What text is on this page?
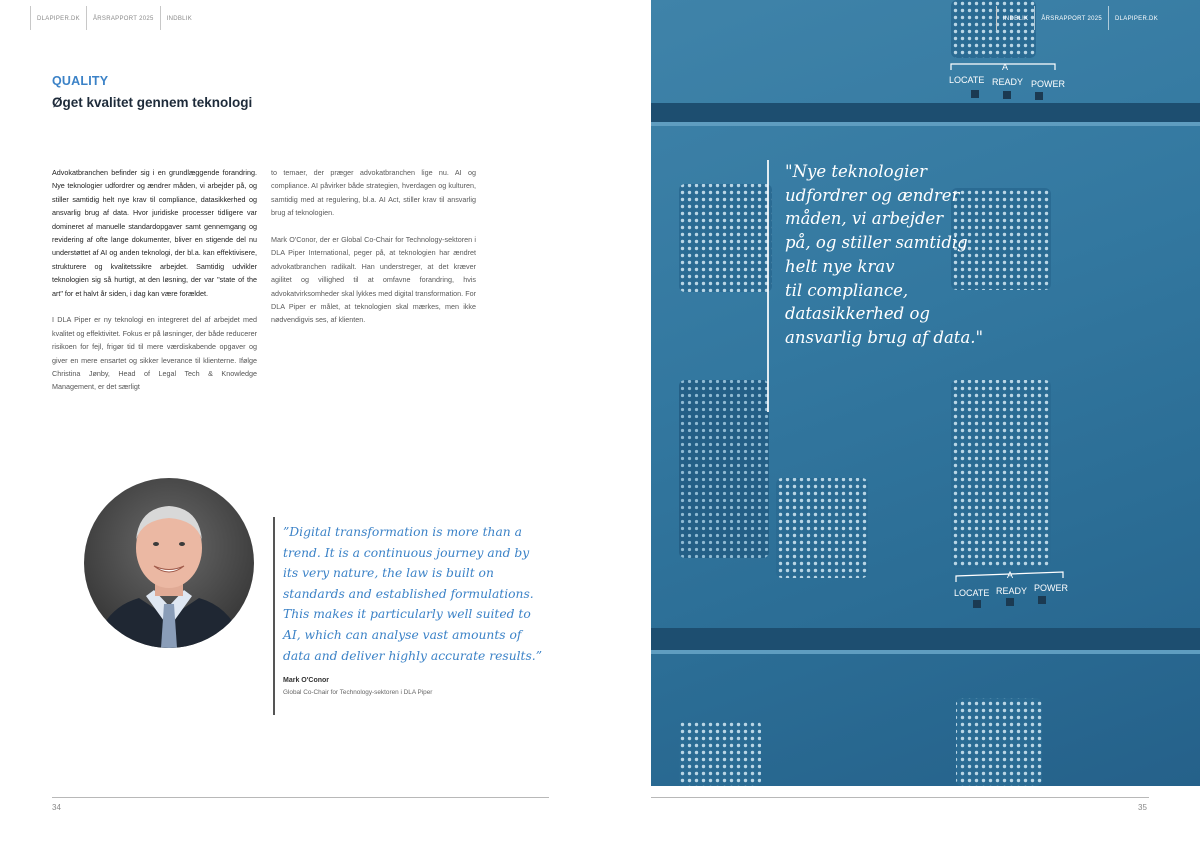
DLAPIPER.DK	ÅRSRAPPORT 2025	INDBLIK
QUALITY
Øget kvalitet gennem teknologi

Advokatbranchen befinder sig i en grundlæggende forandring. Nye teknologier udfordrer og ændrer måden, vi arbejder på, og stiller samtidig helt nye krav til compliance, datasikkerhed og ansvarlig brug af data. Hvor juridiske processer tidligere var domineret af manuelle standardopgaver samt gennemgang og revidering af ofte lange dokumenter, bliver en stigende del nu understøttet af AI og anden teknologi, der bl.a. kan effektivisere, strukturere og kvalitetssikre arbejdet. Samtidig udvikler teknologien sig så hurtigt, at den løsning, der var "state of the art" for et halvt år siden, i dag kan være forældet.

I DLA Piper er ny teknologi en integreret del af arbejdet med kvalitet og effektivitet. Fokus er på løsninger, der både reducerer risikoen for fejl, frigør tid til mere værdiskabende opgaver og giver en mere ensartet og sikker leverance til klienterne. Ifølge Christina Jønby, Head of Legal Tech & Knowledge Management, er det særligt

to temaer, der præger advokatbranchen lige nu. AI og compliance. AI påvirker både strategien, hverdagen og kulturen, samtidig med at regulering, bl.a. AI Act, stiller krav til ansvarlig brug af teknologien.

Mark O'Conor, der er Global Co-Chair for Technology-sektoren i DLA Piper International, peger på, at teknologien har ændret advokatbranchen radikalt. Han understreger, at det kræver agilitet og villighed til at omfavne forandring, hvis advokatvirksomheder skal lykkes med digital transformation. For DLA Piper er målet, at teknologien skal mærkes, men ikke nødvendigvis ses, af klienten.

”Digital transformation is more than a trend. It is a continuous journey and by its very nature, the law is built on standards and established formulations. This makes it particularly well suited to AI, which can analyse vast amounts of data and deliver highly accurate results.”
Mark O'Conor
Global Co-Chair for Technology-sektoren i DLA Piper
34
A
LOCATE READY POWER
A
LOCATE READY POWER
INDBLIK	ÅRSRAPPORT 2025	DLAPIPER.DK
"Nye teknologier
udfordrer og ændrer
måden, vi arbejder
på, og stiller samtidig
helt nye krav
til compliance,
datasikkerhed og
ansvarlig brug af data."
35
